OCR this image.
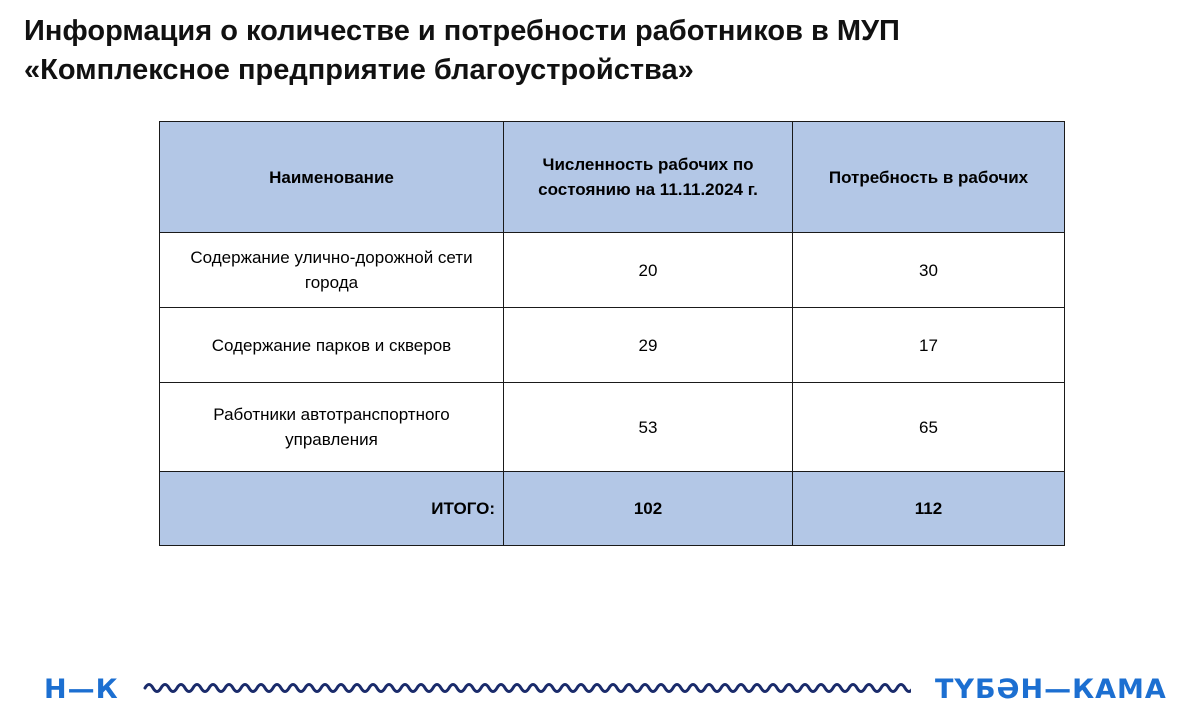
Информация о количестве и потребности работников в МУП
«Комплексное предприятие благоустройства»
Наименование	Численность рабочих по состоянию на 11.11.2024 г.	Потребность в рабочих
Содержание улично-дорожной сети города	20	30
Содержание парков и скверов	29	17
Работники автотранспортного управления	53	65
ИТОГО:	102	112
Н—К	ТҮБӘН—КАМА
